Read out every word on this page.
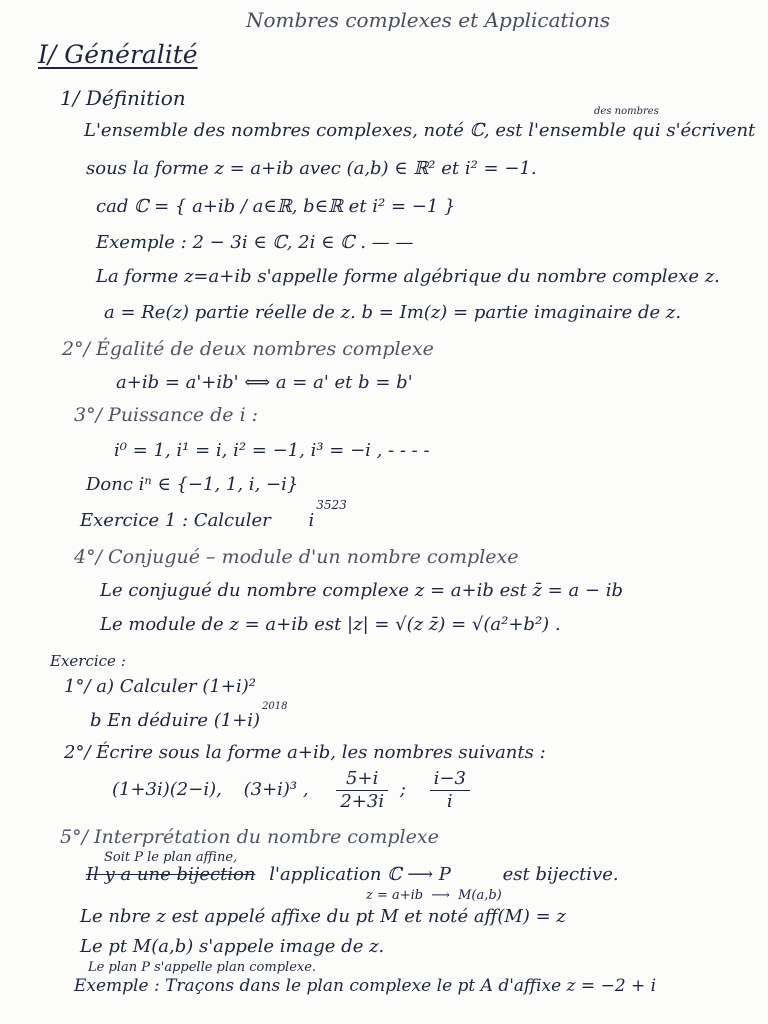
Nombres complexes et Applications
I/ Généralité
1/ Définition
des nombres
L'ensemble des nombres complexes, noté ℂ, est l'ensemble qui s'écrivent
sous la forme z = a+ib avec (a,b) ∈ ℝ² et i² = −1.
cad ℂ = { a+ib / a∈ℝ, b∈ℝ et i² = −1 }
Exemple : 2 − 3i ∈ ℂ, 2i ∈ ℂ . — —
La forme z=a+ib s'appelle forme algébrique du nombre complexe z.
a = Re(z) partie réelle de z. b = Im(z) = partie imaginaire de z.
2°/ Égalité de deux nombres complexe
a+ib = a'+ib' ⟺ a = a' et b = b'
3°/ Puissance de i :
i⁰ = 1, i¹ = i, i² = −1, i³ = −i , - - - -
Donc iⁿ ∈ {−1, 1, i, −i}
Exercice 1 : Calculer $i^{3523}$
4°/ Conjugué – module d'un nombre complexe
Le conjugué du nombre complexe z = a+ib est z̄ = a − ib
Le module de z = a+ib est |z| = √(z z̄) = √(a²+b²) .
Exercice :
1°/ a) Calculer (1+i)²
b En déduire $(1+i)^{2018}$
2°/ Écrire sous la forme a+ib, les nombres suivants :
(1+3i)(2−i), (3+i)³ , $\frac{5+i}{2+3i}$ ; $\frac{i-3}{i}$
5°/ Interprétation du nombre complexe
Soit P le plan affine,
Il y a une bijection l'application ℂ ⟶ P	est bijective.
z = a+ib ⟶ M(a,b)
Le nbre z est appelé affixe du pt M et noté aff(M) = z
Le pt M(a,b) s'appele image de z.
Le plan P s'appelle plan complexe.
Exemple : Traçons dans le plan complexe le pt A d'affixe z = −2 + i
